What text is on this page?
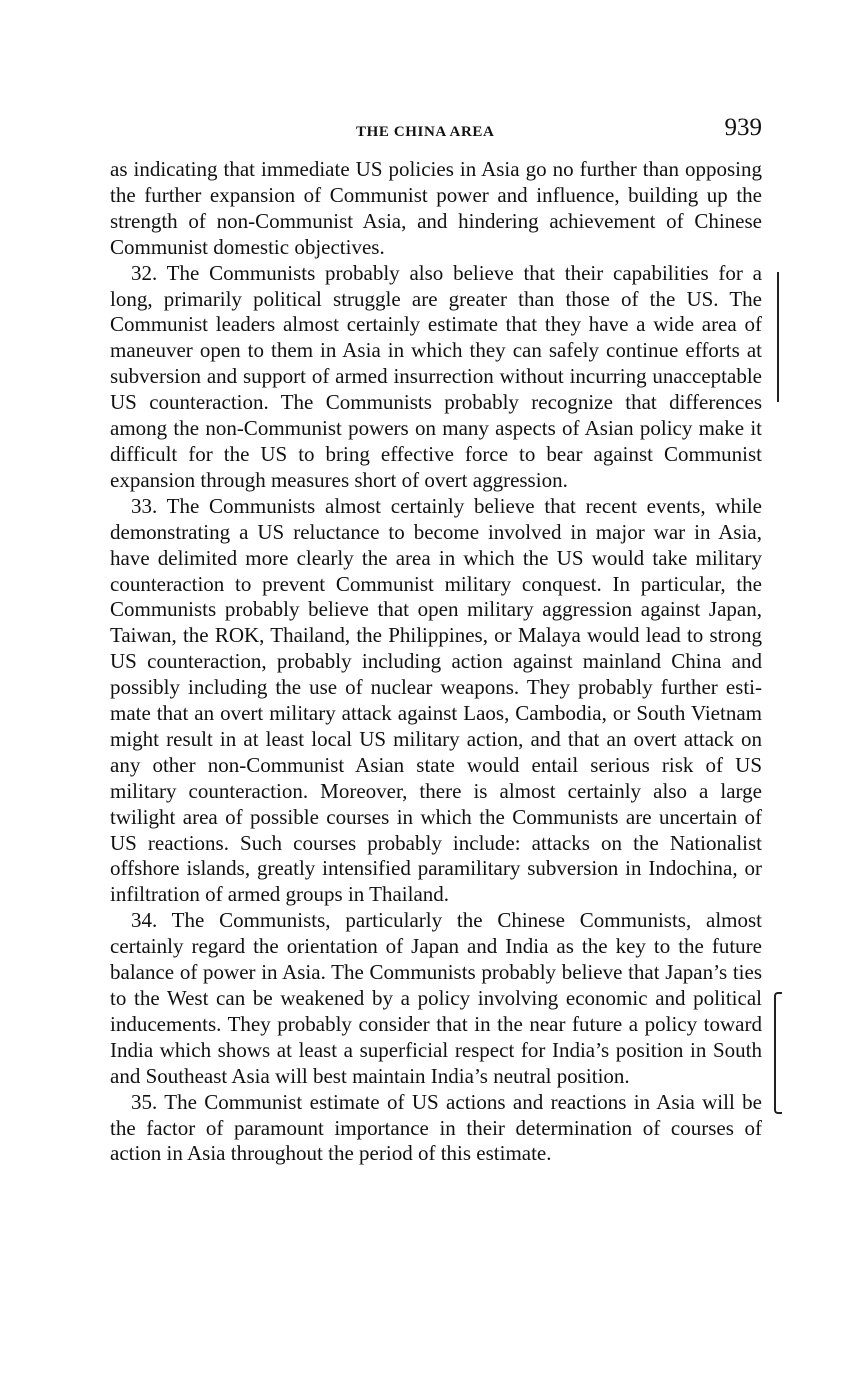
THE CHINA AREA	939

as indicating that immediate US policies in Asia go no further than opposing the further expansion of Communist power and influence, building up the strength of non-Communist Asia, and hindering achievement of Chinese Communist domestic objectives.

32. The Communists probably also believe that their capabilities for a long, primarily political struggle are greater than those of the US. The Communist leaders almost certainly estimate that they have a wide area of maneuver open to them in Asia in which they can safely continue efforts at subversion and support of armed insurrection without incurring unacceptable US counteraction. The Communists probably recognize that differences among the non-Communist powers on many aspects of Asian policy make it difficult for the US to bring effective force to bear against Communist expansion through measures short of overt aggression.

33. The Communists almost certainly believe that recent events, while demonstrating a US reluctance to become involved in major war in Asia, have delimited more clearly the area in which the US would take military counteraction to prevent Communist military conquest. In particular, the Communists probably believe that open military aggression against Japan, Taiwan, the ROK, Thailand, the Philippines, or Malaya would lead to strong US counteraction, probably including action against mainland China and possibly including the use of nuclear weapons. They probably further estimate that an overt military attack against Laos, Cambodia, or South Vietnam might result in at least local US military action, and that an overt attack on any other non-Communist Asian state would entail serious risk of US military counteraction. Moreover, there is almost certainly also a large twilight area of possible courses in which the Communists are uncertain of US reactions. Such courses probably include: attacks on the Nationalist offshore islands, greatly intensified paramilitary subversion in Indochina, or infiltration of armed groups in Thailand.

34. The Communists, particularly the Chinese Communists, almost certainly regard the orientation of Japan and India as the key to the future balance of power in Asia. The Communists probably believe that Japan’s ties to the West can be weakened by a policy involving economic and political inducements. They probably consider that in the near future a policy toward India which shows at least a superficial respect for India’s position in South and Southeast Asia will best maintain India’s neutral position.

35. The Communist estimate of US actions and reactions in Asia will be the factor of paramount importance in their determination of courses of action in Asia throughout the period of this estimate.
